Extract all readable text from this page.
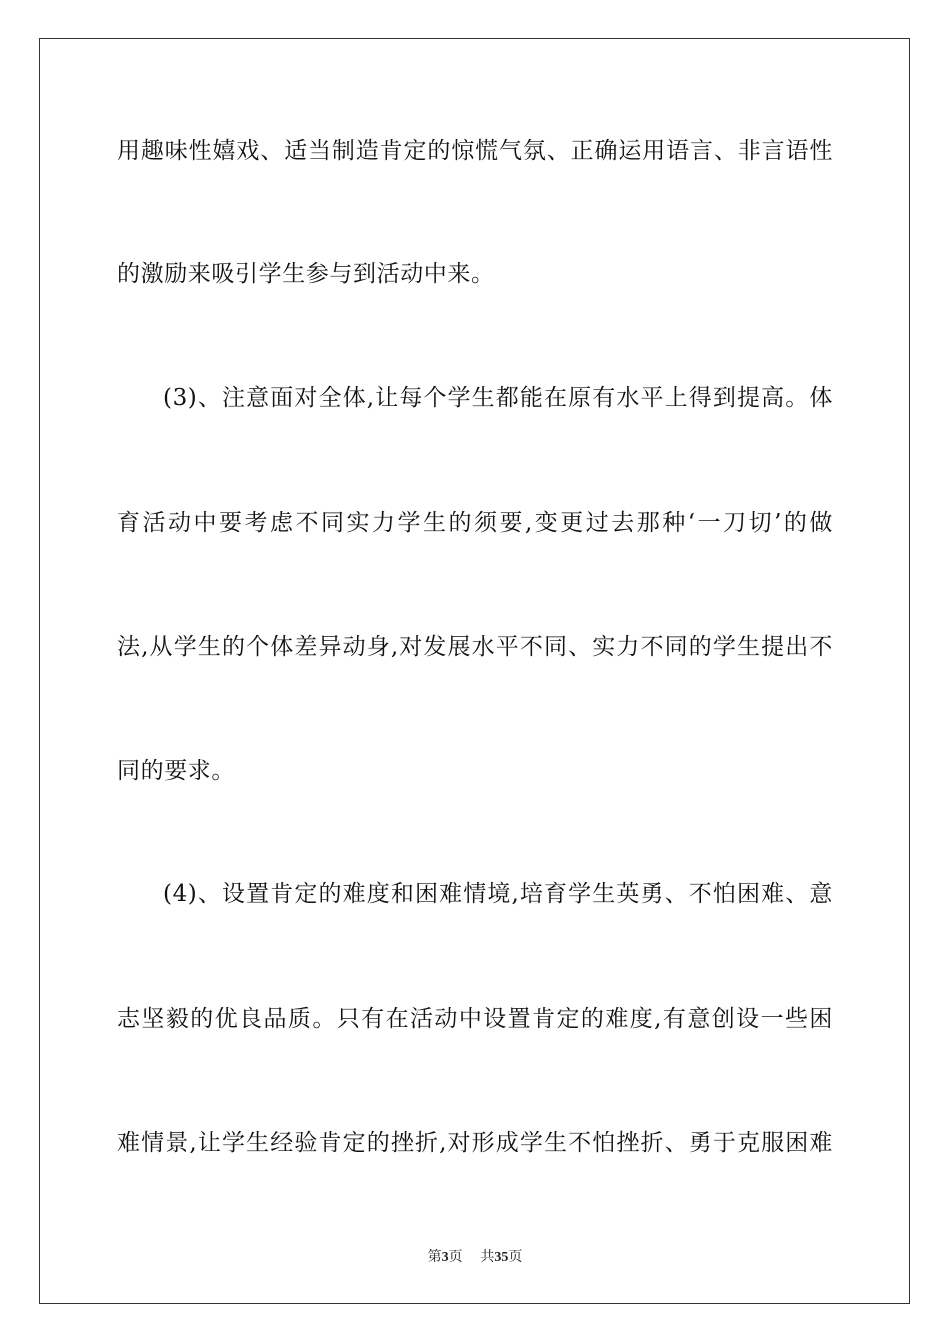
用趣味性嬉戏、适当制造肯定的惊慌气氛、正确运用语言、非言语性
的激励来吸引学生参与到活动中来。
(3)、注意面对全体,让每个学生都能在原有水平上得到提高。体
育活动中要考虑不同实力学生的须要,变更过去那种‘一刀切’的做
法,从学生的个体差异动身,对发展水平不同、实力不同的学生提出不
同的要求。
(4)、设置肯定的难度和困难情境,培育学生英勇、不怕困难、意
志坚毅的优良品质。只有在活动中设置肯定的难度,有意创设一些困
难情景,让学生经验肯定的挫折,对形成学生不怕挫折、勇于克服困难
第3页 共35页
